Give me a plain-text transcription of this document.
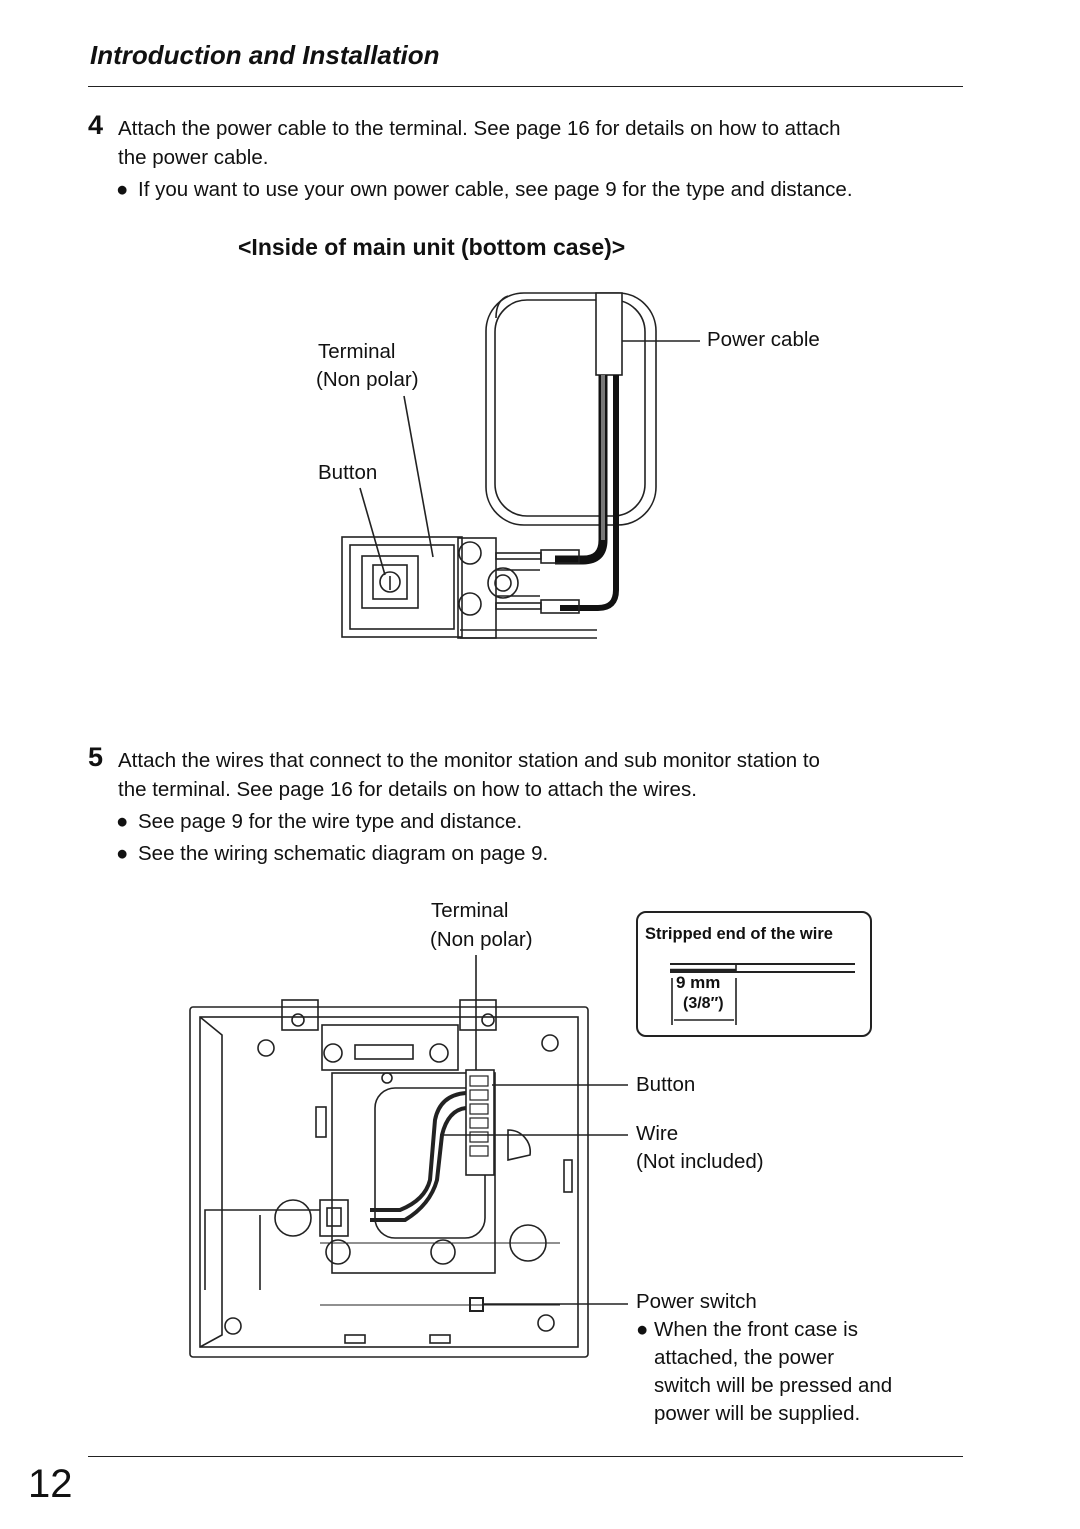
Introduction and Installation
4 Attach the power cable to the terminal. See page 16 for details on how to attach
the power cable.
● If you want to use your own power cable, see page 9 for the type and distance.
<Inside of main unit (bottom case)>
Terminal
(Non polar)
Button
Power cable
5 Attach the wires that connect to the monitor station and sub monitor station to
the terminal. See page 16 for details on how to attach the wires.
● See page 9 for the wire type and distance.
● See the wiring schematic diagram on page 9.
Terminal
(Non polar)
Button
Wire
(Not included)
Power switch
● When the front case is
attached, the power
switch will be pressed and
power will be supplied.
Stripped end of the wire
9 mm
(3/8″)
12
